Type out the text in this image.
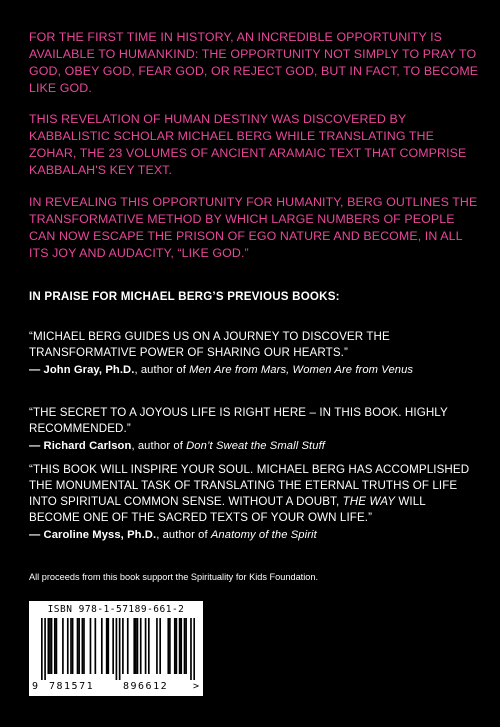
FOR THE FIRST TIME IN HISTORY, AN INCREDIBLE OPPORTUNITY IS AVAILABLE TO HUMANKIND: THE OPPORTUNITY NOT SIMPLY TO PRAY TO GOD, OBEY GOD, FEAR GOD, OR REJECT GOD, BUT IN FACT, TO BECOME LIKE GOD.

THIS REVELATION OF HUMAN DESTINY WAS DISCOVERED BY KABBALISTIC SCHOLAR MICHAEL BERG WHILE TRANSLATING THE ZOHAR, THE 23 VOLUMES OF ANCIENT ARAMAIC TEXT THAT COMPRISE KABBALAH'S KEY TEXT.

IN REVEALING THIS OPPORTUNITY FOR HUMANITY, BERG OUTLINES THE TRANSFORMATIVE METHOD BY WHICH LARGE NUMBERS OF PEOPLE CAN NOW ESCAPE THE PRISON OF EGO NATURE AND BECOME, IN ALL ITS JOY AND AUDACITY, “LIKE GOD.”

IN PRAISE FOR MICHAEL BERG’S PREVIOUS BOOKS:
“MICHAEL BERG GUIDES US ON A JOURNEY TO DISCOVER THE TRANSFORMATIVE POWER OF SHARING OUR HEARTS.”
— John Gray, Ph.D., author of Men Are from Mars, Women Are from Venus
“THE SECRET TO A JOYOUS LIFE IS RIGHT HERE – IN THIS BOOK. HIGHLY RECOMMENDED.”
— Richard Carlson, author of Don’t Sweat the Small Stuff
“THIS BOOK WILL INSPIRE YOUR SOUL. MICHAEL BERG HAS ACCOMPLISHED THE MONUMENTAL TASK OF TRANSLATING THE ETERNAL TRUTHS OF LIFE INTO SPIRITUAL COMMON SENSE. WITHOUT A DOUBT, THE WAY WILL BECOME ONE OF THE SACRED TEXTS OF YOUR OWN LIFE.”
— Caroline Myss, Ph.D., author of Anatomy of the Spirit

All proceeds from this book support the Spirituality for Kids Foundation.

ISBN 978-1-57189-661-2
9 781571	896612 >
